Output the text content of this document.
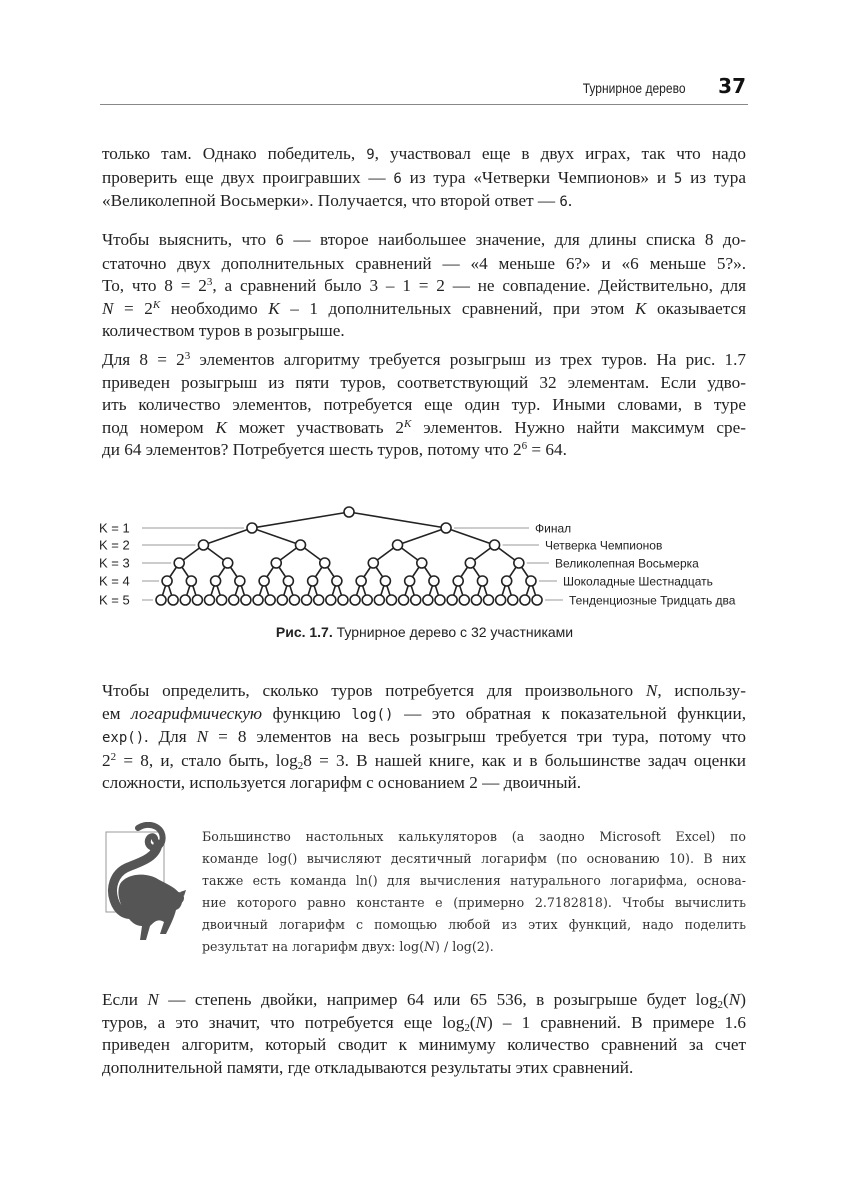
Турнирное дерево 37
только там. Однако победитель, 9, участвовал еще в двух играх, так что надо
проверить еще двух проигравших — 6 из тура «Четверки Чемпионов» и 5 из тура
«Великолепной Восьмерки». Получается, что второй ответ — 6.
Чтобы выяснить, что 6 — второе наибольшее значение, для длины списка 8 до-
статочно двух дополнительных сравнений — «4 меньше 6?» и «6 меньше 5?».
То, что $8 = 2^3$, а сравнений было 3 – 1 = 2 — не совпадение. Действительно, для
$N = 2^K$ необходимо K – 1 дополнительных сравнений, при этом K оказывается
количеством туров в розыгрыше.
Для $8 = 2^3$ элементов алгоритму требуется розыгрыш из трех туров. На рис. 1.7
приведен розыгрыш из пяти туров, соответствующий 32 элементам. Если удво-
ить количество элементов, потребуется еще один тур. Иными словами, в туре
под номером K может участвовать $2^K$ элементов. Нужно найти максимум сре-
ди 64 элементов? Потребуется шесть туров, потому что $2^6 = 64$.
K = 1	Финал
K = 2	Четверка Чемпионов
K = 3	Великолепная Восьмерка
K = 4	Шоколадные Шестнадцать
K = 5	Тенденциозные Тридцать два
Рис. 1.7. Турнирное дерево с 32 участниками
Чтобы определить, сколько туров потребуется для произвольного N, использу-
ем логарифмическую функцию log() — это обратная к показательной функции,
exp(). Для N = 8 элементов на весь розыгрыш требуется три тура, потому что
$2^2 = 8$, и, стало быть, $\log_28 = 3$. В нашей книге, как и в большинстве задач оценки
сложности, используется логарифм с основанием 2 — двоичный.
Большинство настольных калькуляторов (а заодно Microsoft Excel) по
команде log() вычисляют десятичный логарифм (по основанию 10). В них
также есть команда ln() для вычисления натурального логарифма, основа-
ние которого равно константе e (примерно 2.7182818). Чтобы вычислить
двоичный логарифм с помощью любой из этих функций, надо поделить
результат на логарифм двух: log(N) / log(2).
Если N — степень двойки, например 64 или 65 536, в розыгрыше будет $\log_2(N)$
туров, а это значит, что потребуется еще $\log_2(N) - 1$ сравнений. В примере 1.6
приведен алгоритм, который сводит к минимуму количество сравнений за счет
дополнительной памяти, где откладываются результаты этих сравнений.
